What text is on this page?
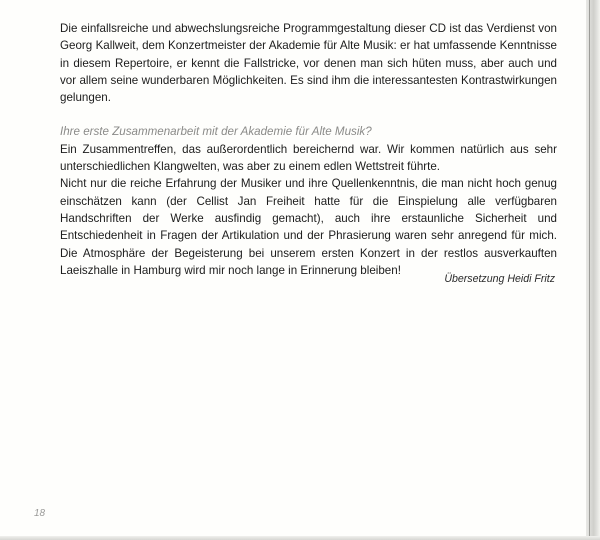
Die einfallsreiche und abwechslungsreiche Programmgestaltung dieser CD ist das Verdienst von Georg Kallweit, dem Konzertmeister der Akademie für Alte Musik: er hat umfassende Kenntnisse in diesem Repertoire, er kennt die Fallstricke, vor denen man sich hüten muss, aber auch und vor allem seine wunderbaren Möglichkeiten. Es sind ihm die interessantesten Kontrastwirkungen gelungen.

Ihre erste Zusammenarbeit mit der Akademie für Alte Musik?

Ein Zusammentreffen, das außerordentlich bereichernd war. Wir kommen natürlich aus sehr unterschiedlichen Klangwelten, was aber zu einem edlen Wettstreit führte.

Nicht nur die reiche Erfahrung der Musiker und ihre Quellenkenntnis, die man nicht hoch genug einschätzen kann (der Cellist Jan Freiheit hatte für die Einspielung alle verfügbaren Handschriften der Werke ausfindig gemacht), auch ihre erstaunliche Sicherheit und Entschiedenheit in Fragen der Artikulation und der Phrasierung waren sehr anregend für mich. Die Atmosphäre der Begeisterung bei unserem ersten Konzert in der restlos ausverkauften Laeiszhalle in Hamburg wird mir noch lange in Erinnerung bleiben!

Übersetzung Heidi Fritz
18
